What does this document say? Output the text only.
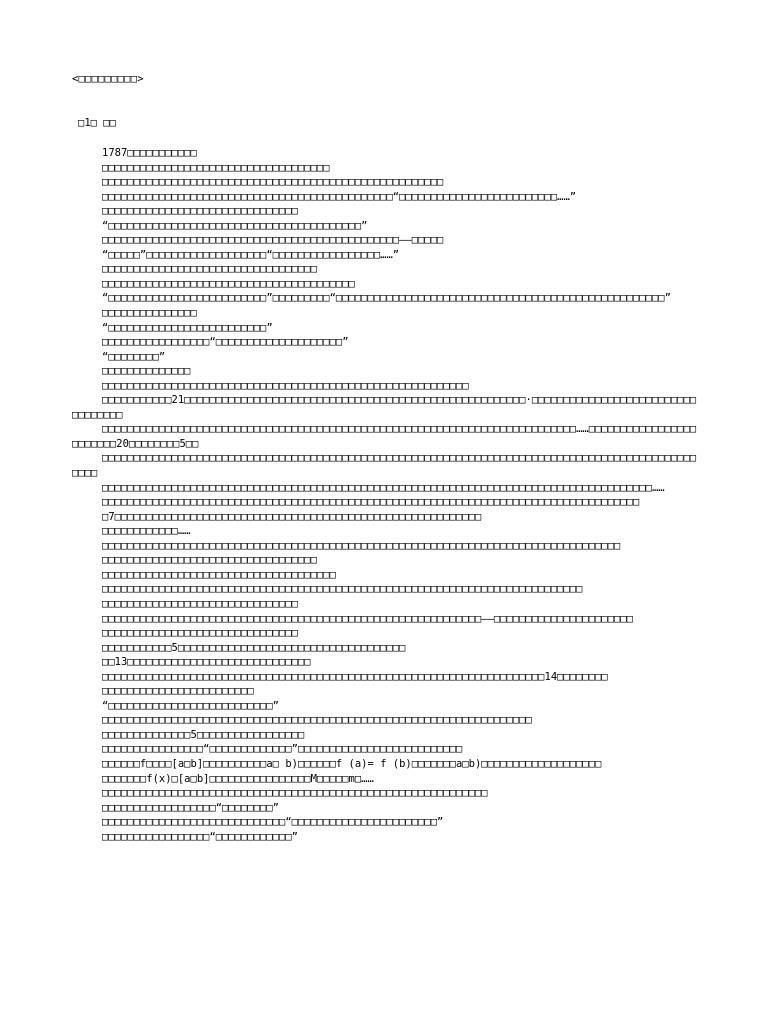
<□□□□□□□□□>
□1□ □□

1787□□□□□□□□□□□

□□□□□□□□□□□□□□□□□□□□□□□□□□□□□□□□□□□□

□□□□□□□□□□□□□□□□□□□□□□□□□□□□□□□□□□□□□□□□□□□□□□□□□□□□□□

□□□□□□□□□□□□□□□□□□□□□□□□□□□□□□□□□□□□□□□□□□□□□□“□□□□□□□□□□□□□□□□□□□□□□□□□……”

□□□□□□□□□□□□□□□□□□□□□□□□□□□□□□□

“□□□□□□□□□□□□□□□□□□□□□□□□□□□□□□□□□□□□□□□□”

□□□□□□□□□□□□□□□□□□□□□□□□□□□□□□□□□□□□□□□□□□□□□□□——□□□□□

“□□□□□”□□□□□□□□□□□□□□□□□□□“□□□□□□□□□□□□□□□□□……”

□□□□□□□□□□□□□□□□□□□□□□□□□□□□□□□□□□

□□□□□□□□□□□□□□□□□□□□□□□□□□□□□□□□□□□□□□□□

“□□□□□□□□□□□□□□□□□□□□□□□□□”□□□□□□□□□“□□□□□□□□□□□□□□□□□□□□□□□□□□□□□□□□□□□□□□□□□□□□□□□□□□□□”

□□□□□□□□□□□□□□□

“□□□□□□□□□□□□□□□□□□□□□□□□□”

□□□□□□□□□□□□□□□□□“□□□□□□□□□□□□□□□□□□□□”

“□□□□□□□□”

□□□□□□□□□□□□□□

□□□□□□□□□□□□□□□□□□□□□□□□□□□□□□□□□□□□□□□□□□□□□□□□□□□□□□□□□□

□□□□□□□□□□□21□□□□□□□□□□□□□□□□□□□□□□□□□□□□□□□□□□□□□□□□□□□□□□□□□□□□□□·□□□□□□□□□□□□□□□□□□□□□□□□□□□□□□□□□□

□□□□□□□□□□□□□□□□□□□□□□□□□□□□□□□□□□□□□□□□□□□□□□□□□□□□□□□□□□□□□□□□□□□□□□□□□□□……□□□□□□□□□□□□□□□□□□□□□□□□20□□□□□□□□5□□

□□□□□□□□□□□□□□□□□□□□□□□□□□□□□□□□□□□□□□□□□□□□□□□□□□□□□□□□□□□□□□□□□□□□□□□□□□□□□□□□□□□□□□□□□□□□□□□□□□

□□□□□□□□□□□□□□□□□□□□□□□□□□□□□□□□□□□□□□□□□□□□□□□□□□□□□□□□□□□□□□□□□□□□□□□□□□□□□□□□□□□□□□□……

□□□□□□□□□□□□□□□□□□□□□□□□□□□□□□□□□□□□□□□□□□□□□□□□□□□□□□□□□□□□□□□□□□□□□□□□□□□□□□□□□□□□□

□7□□□□□□□□□□□□□□□□□□□□□□□□□□□□□□□□□□□□□□□□□□□□□□□□□□□□□□□□□□

□□□□□□□□□□□□……

□□□□□□□□□□□□□□□□□□□□□□□□□□□□□□□□□□□□□□□□□□□□□□□□□□□□□□□□□□□□□□□□□□□□□□□□□□□□□□□□□□

□□□□□□□□□□□□□□□□□□□□□□□□□□□□□□□□□□

□□□□□□□□□□□□□□□□□□□□□□□□□□□□□□□□□□□□□

□□□□□□□□□□□□□□□□□□□□□□□□□□□□□□□□□□□□□□□□□□□□□□□□□□□□□□□□□□□□□□□□□□□□□□□□□□□□

□□□□□□□□□□□□□□□□□□□□□□□□□□□□□□□

□□□□□□□□□□□□□□□□□□□□□□□□□□□□□□□□□□□□□□□□□□□□□□□□□□□□□□□□□□□□——□□□□□□□□□□□□□□□□□□□□□□

□□□□□□□□□□□□□□□□□□□□□□□□□□□□□□□

□□□□□□□□□□□5□□□□□□□□□□□□□□□□□□□□□□□□□□□□□□□□□□□□

□□13□□□□□□□□□□□□□□□□□□□□□□□□□□□□□

□□□□□□□□□□□□□□□□□□□□□□□□□□□□□□□□□□□□□□□□□□□□□□□□□□□□□□□□□□□□□□□□□□□□□□14□□□□□□□□

□□□□□□□□□□□□□□□□□□□□□□□□

“□□□□□□□□□□□□□□□□□□□□□□□□□□”

□□□□□□□□□□□□□□□□□□□□□□□□□□□□□□□□□□□□□□□□□□□□□□□□□□□□□□□□□□□□□□□□□□□□

□□□□□□□□□□□□□□5□□□□□□□□□□□□□□□□□

□□□□□□□□□□□□□□□□“□□□□□□□□□□□□□”□□□□□□□□□□□□□□□□□□□□□□□□□□

□□□□□□f□□□□[a□b]□□□□□□□□□□a□ b)□□□□□□f (a)= f (b)□□□□□□□a□b)□□□□□□□□□□□□□□□□□□□

□□□□□□□f(x)□[a□b]□□□□□□□□□□□□□□□□M□□□□□m□……

□□□□□□□□□□□□□□□□□□□□□□□□□□□□□□□□□□□□□□□□□□□□□□□□□□□□□□□□□□□□□

□□□□□□□□□□□□□□□□□□“□□□□□□□□”

□□□□□□□□□□□□□□□□□□□□□□□□□□□□□“□□□□□□□□□□□□□□□□□□□□□□□”

□□□□□□□□□□□□□□□□□“□□□□□□□□□□□□”
